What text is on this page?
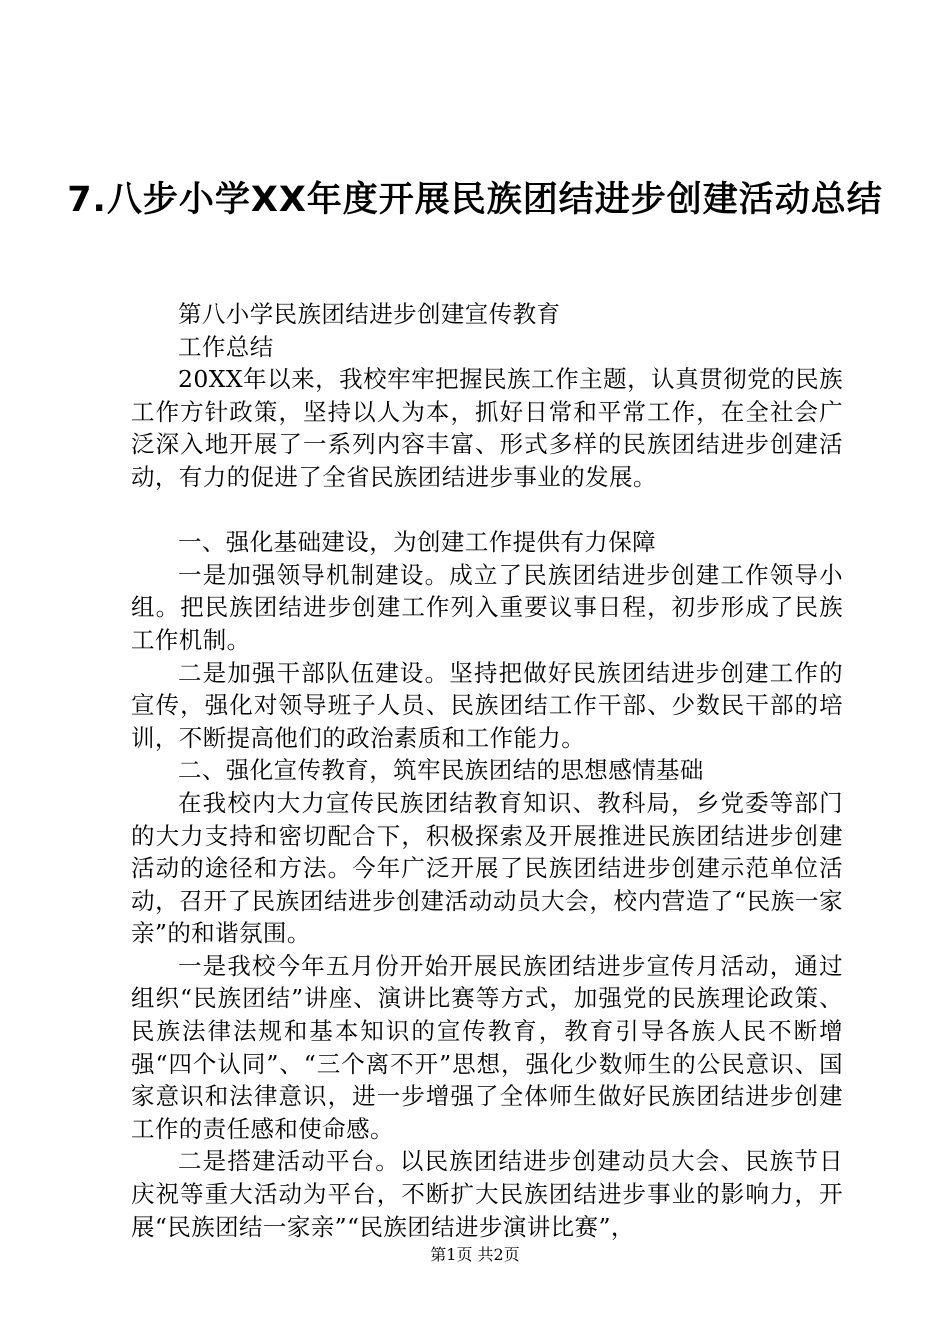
7.八步小学XX年度开展民族团结进步创建活动总结

第八小学民族团结进步创建宣传教育

工作总结

20XX年以来，我校牢牢把握民族工作主题，认真贯彻党的民族工作方针政策，坚持以人为本，抓好日常和平常工作，在全社会广泛深入地开展了一系列内容丰富、形式多样的民族团结进步创建活动，有力的促进了全省民族团结进步事业的发展。

一、强化基础建设，为创建工作提供有力保障

一是加强领导机制建设。成立了民族团结进步创建工作领导小组。把民族团结进步创建工作列入重要议事日程，初步形成了民族工作机制。

二是加强干部队伍建设。坚持把做好民族团结进步创建工作的宣传，强化对领导班子人员、民族团结工作干部、少数民干部的培训，不断提高他们的政治素质和工作能力。

二、强化宣传教育，筑牢民族团结的思想感情基础

在我校内大力宣传民族团结教育知识、教科局，乡党委等部门的大力支持和密切配合下，积极探索及开展推进民族团结进步创建活动的途径和方法。今年广泛开展了民族团结进步创建示范单位活动，召开了民族团结进步创建活动动员大会，校内营造了“民族一家亲”的和谐氛围。

一是我校今年五月份开始开展民族团结进步宣传月活动，通过组织“民族团结”讲座、演讲比赛等方式，加强党的民族理论政策、民族法律法规和基本知识的宣传教育，教育引导各族人民不断增强“四个认同”、“三个离不开”思想，强化少数师生的公民意识、国家意识和法律意识，进一步增强了全体师生做好民族团结进步创建工作的责任感和使命感。

二是搭建活动平台。以民族团结进步创建动员大会、民族节日庆祝等重大活动为平台，不断扩大民族团结进步事业的影响力，开展“民族团结一家亲”“民族团结进步演讲比赛”，

第1页 共2页
